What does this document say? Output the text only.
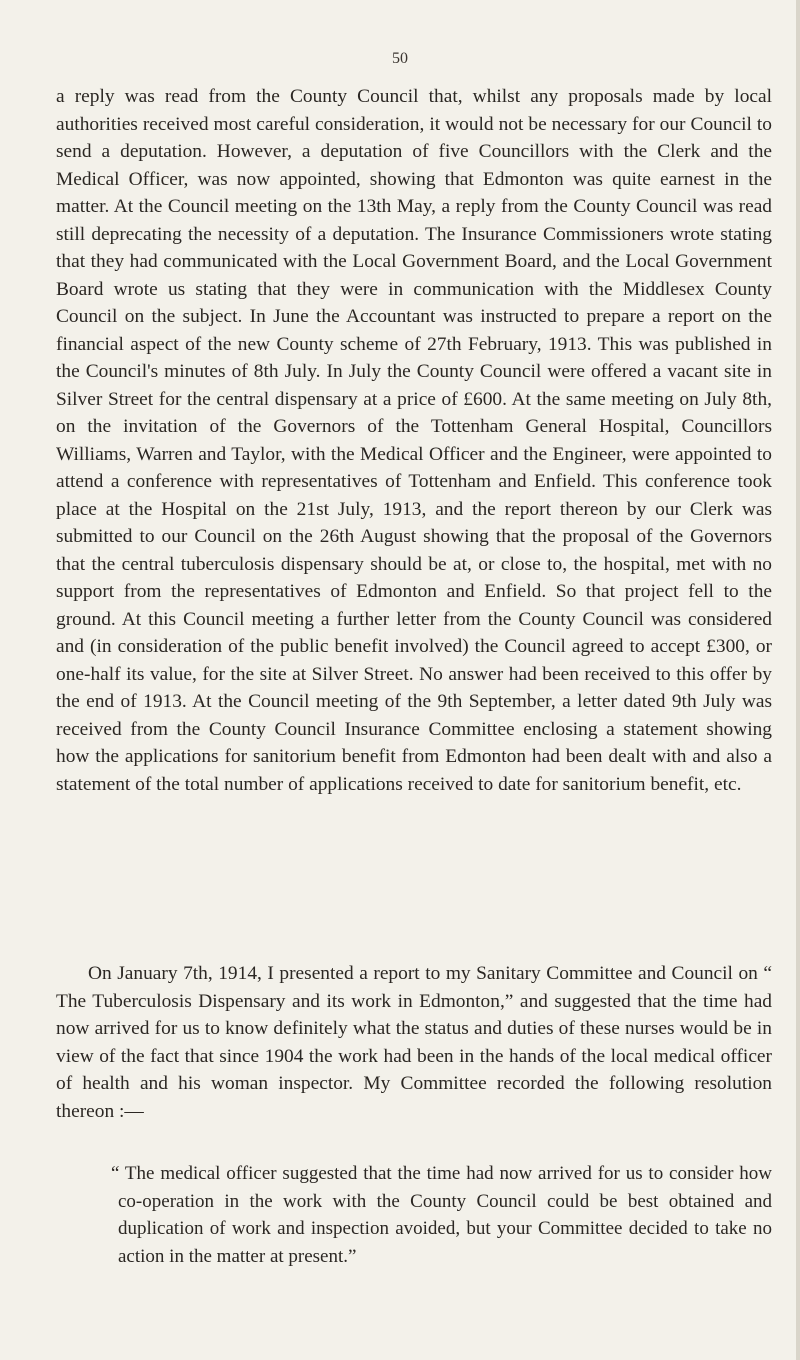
50

a reply was read from the County Council that, whilst any proposals made by local authorities received most careful consideration, it would not be necessary for our Council to send a deputation. However, a deputation of five Councillors with the Clerk and the Medical Officer, was now appointed, showing that Edmonton was quite earnest in the matter. At the Council meeting on the 13th May, a reply from the County Council was read still deprecating the necessity of a deputation. The Insurance Commissioners wrote stating that they had communicated with the Local Government Board, and the Local Government Board wrote us stating that they were in communication with the Middlesex County Council on the subject. In June the Accountant was instructed to prepare a report on the financial aspect of the new County scheme of 27th February, 1913. This was published in the Council's minutes of 8th July. In July the County Council were offered a vacant site in Silver Street for the central dispensary at a price of £600. At the same meeting on July 8th, on the invitation of the Governors of the Tottenham General Hospital, Councillors Williams, Warren and Taylor, with the Medical Officer and the Engineer, were appointed to attend a conference with representatives of Tottenham and Enfield. This conference took place at the Hospital on the 21st July, 1913, and the report thereon by our Clerk was submitted to our Council on the 26th August showing that the proposal of the Governors that the central tuberculosis dispensary should be at, or close to, the hospital, met with no support from the representatives of Edmonton and Enfield. So that project fell to the ground. At this Council meeting a further letter from the County Council was considered and (in consideration of the public benefit involved) the Council agreed to accept £300, or one-half its value, for the site at Silver Street. No answer had been received to this offer by the end of 1913. At the Council meeting of the 9th September, a letter dated 9th July was received from the County Council Insurance Committee enclosing a statement showing how the applications for sanitorium benefit from Edmonton had been dealt with and also a statement of the total number of applications received to date for sanitorium benefit, etc.

On January 7th, 1914, I presented a report to my Sanitary Committee and Council on “ The Tuberculosis Dispensary and its work in Edmonton,” and suggested that the time had now arrived for us to know definitely what the status and duties of these nurses would be in view of the fact that since 1904 the work had been in the hands of the local medical officer of health and his woman inspector. My Committee recorded the following resolution thereon :—

“ The medical officer suggested that the time had now arrived for us to consider how co-operation in the work with the County Council could be best obtained and duplication of work and inspection avoided, but your Committee decided to take no action in the matter at present.”
